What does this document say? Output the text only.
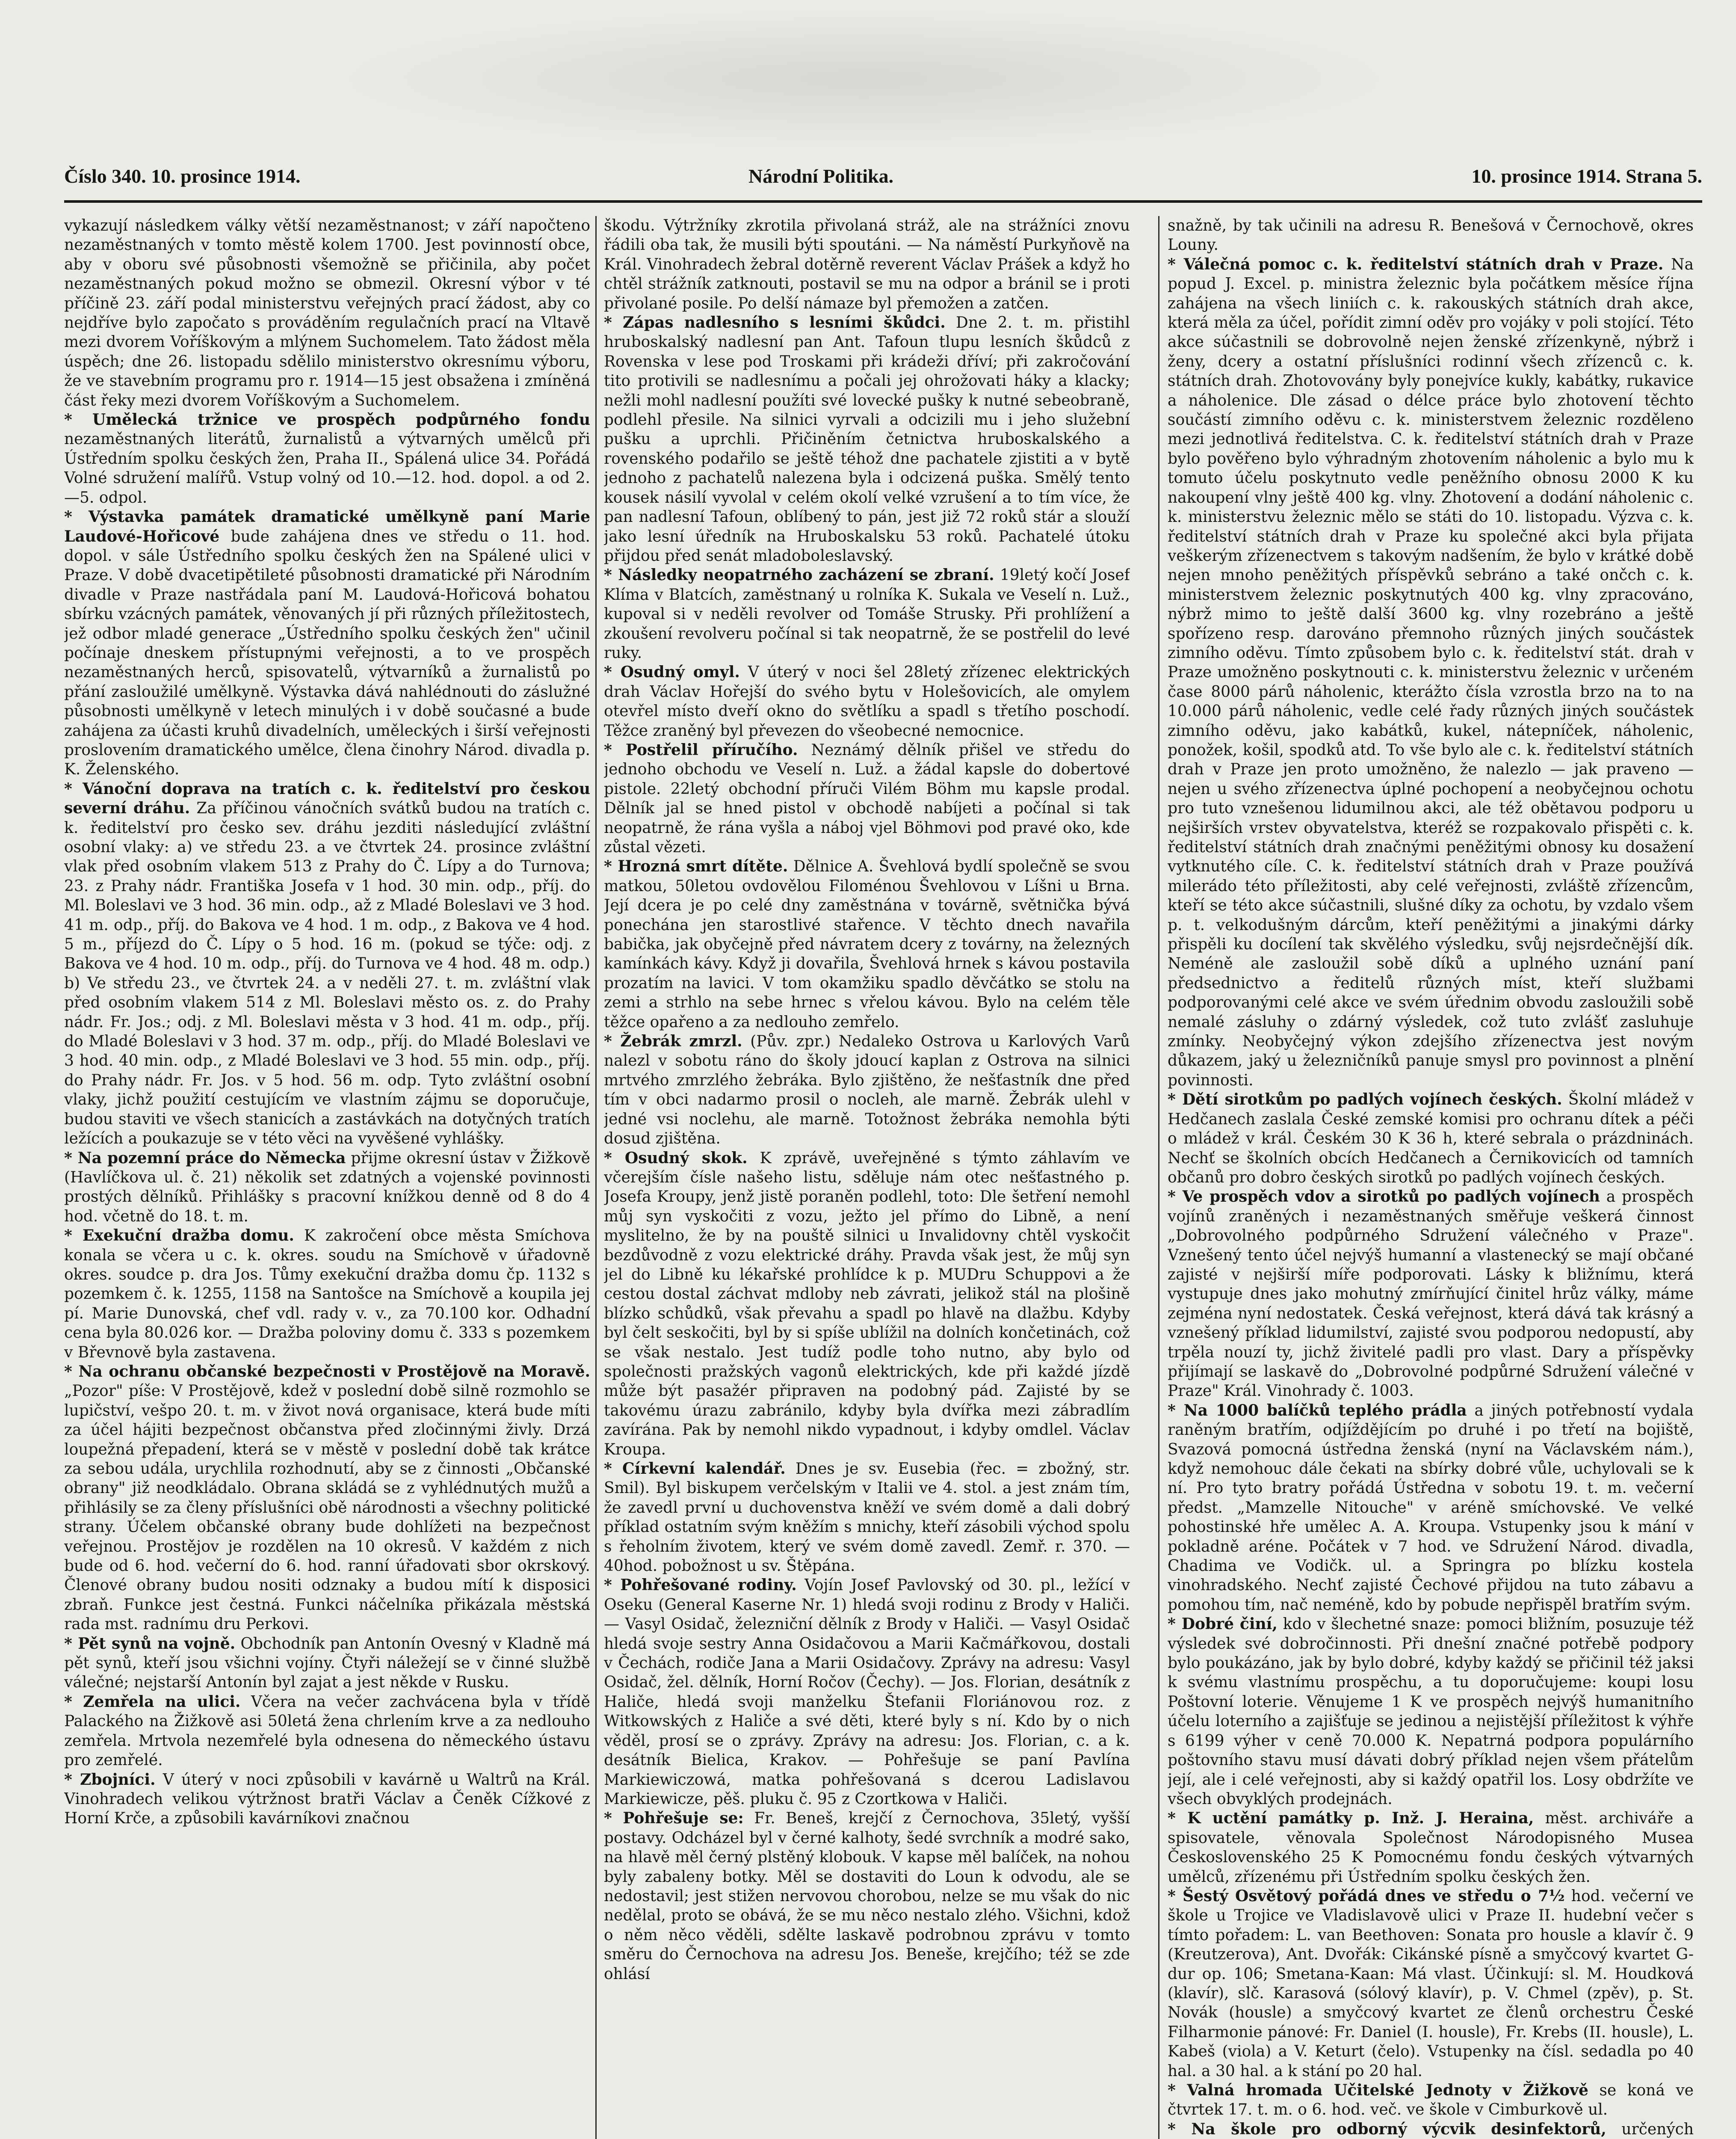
Číslo 340. 10. prosince 1914.	Národní Politika.	10. prosince 1914. Strana 5.

vykazují následkem války větší nezaměstnanost; v září napočteno nezaměstnaných v tomto městě kolem 1700. Jest povinností obce, aby v oboru své působnosti všemožně se přičinila, aby počet nezaměstnaných pokud možno se obmezil. Okresní výbor v té příčině 23. září podal ministerstvu veřejných prací žádost, aby co nejdříve bylo započato s prováděním regulačních prací na Vltavě mezi dvorem Voříškovým a mlýnem Suchomelem. Tato žádost měla úspěch; dne 26. listopadu sdělilo ministerstvo okresnímu výboru, že ve stavebním programu pro r. 1914—15 jest obsažena i zmíněná část řeky mezi dvorem Voříškovým a Suchomelem.

* Umělecká tržnice ve prospěch podpůrného fondu nezaměstnaných literátů, žurnalistů a výtvarných umělců při Ústředním spolku českých žen, Praha II., Spálená ulice 34. Pořádá Volné sdružení malířů. Vstup volný od 10.—12. hod. dopol. a od 2.—5. odpol.

* Výstavka památek dramatické umělkyně paní Marie Laudové-Hořicové bude zahájena dnes ve středu o 11. hod. dopol. v sále Ústředního spolku českých žen na Spálené ulici v Praze. V době dvacetipětileté působnosti dramatické při Národním divadle v Praze nastřádala paní M. Laudová-Hořicová bohatou sbírku vzácných památek, věnovaných jí při různých příležitostech, jež odbor mladé generace „Ústředního spolku českých žen" učinil počínaje dneskem přístupnými veřejnosti, a to ve prospěch nezaměstnaných herců, spisovatelů, výtvarníků a žurnalistů po přání zasloužilé umělkyně. Výstavka dává nahlédnouti do záslužné působnosti umělkyně v letech minulých i v době současné a bude zahájena za účasti kruhů divadelních, uměleckých i širší veřejnosti proslovením dramatického umělce, člena činohry Národ. divadla p. K. Želenského.

* Vánoční doprava na tratích c. k. ředitelství pro českou severní dráhu. Za příčinou vánočních svátků budou na tratích c. k. ředitelství pro česko sev. dráhu jezditi následující zvláštní osobní vlaky: a) ve středu 23. a ve čtvrtek 24. prosince zvláštní vlak před osobním vlakem 513 z Prahy do Č. Lípy a do Turnova; 23. z Prahy nádr. Františka Josefa v 1 hod. 30 min. odp., příj. do Ml. Boleslavi ve 3 hod. 36 min. odp., až z Mladé Boleslavi ve 3 hod. 41 m. odp., příj. do Bakova ve 4 hod. 1 m. odp., z Bakova ve 4 hod. 5 m., příjezd do Č. Lípy o 5 hod. 16 m. (pokud se týče: odj. z Bakova ve 4 hod. 10 m. odp., příj. do Turnova ve 4 hod. 48 m. odp.) b) Ve středu 23., ve čtvrtek 24. a v neděli 27. t. m. zvláštní vlak před osobním vlakem 514 z Ml. Boleslavi město os. z. do Prahy nádr. Fr. Jos.; odj. z Ml. Boleslavi města v 3 hod. 41 m. odp., příj. do Mladé Boleslavi v 3 hod. 37 m. odp., příj. do Mladé Boleslavi ve 3 hod. 40 min. odp., z Mladé Boleslavi ve 3 hod. 55 min. odp., příj. do Prahy nádr. Fr. Jos. v 5 hod. 56 m. odp. Tyto zvláštní osobní vlaky, jichž použití cestujícím ve vlastním zájmu se doporučuje, budou staviti ve všech stanicích a zastávkách na dotyčných tratích ležících a poukazuje se v této věci na vyvěšené vyhlášky.

* Na pozemní práce do Německa přijme okresní ústav v Žižkově (Havlíčkova ul. č. 21) několik set zdatných a vojenské povinnosti prostých dělníků. Přihlášky s pracovní knížkou denně od 8 do 4 hod. včetně do 18. t. m.

* Exekuční dražba domu. K zakročení obce města Smíchova konala se včera u c. k. okres. soudu na Smíchově v úřadovně okres. soudce p. dra Jos. Tůmy exekuční dražba domu čp. 1132 s pozemkem č. k. 1255, 1158 na Santošce na Smíchově a koupila jej pí. Marie Dunovská, chef vdl. rady v. v., za 70.100 kor. Odhadní cena byla 80.026 kor. — Dražba poloviny domu č. 333 s pozemkem v Břevnově byla zastavena.

* Na ochranu občanské bezpečnosti v Prostějově na Moravě. „Pozor" píše: V Prostějově, kdež v poslední době silně rozmohlo se lupičství, vešpo 20. t. m. v život nová organisace, která bude míti za účel hájiti bezpečnost občanstva před zločinnými živly. Drzá loupežná přepadení, která se v městě v poslední době tak krátce za sebou udála, urychlila rozhodnutí, aby se z činnosti „Občanské obrany" již neodkládalo. Obrana skládá se z vyhlédnutých mužů a přihlásily se za členy příslušníci obě národnosti a všechny politické strany. Účelem občanské obrany bude dohlížeti na bezpečnost veřejnou. Prostějov je rozdělen na 10 okresů. V každém z nich bude od 6. hod. večerní do 6. hod. ranní úřadovati sbor okrskový. Členové obrany budou nositi odznaky a budou mítí k disposici zbraň. Funkce jest čestná. Funkci náčelníka přikázala městská rada mst. radnímu dru Perkovi.

* Pět synů na vojně. Obchodník pan Antonín Ovesný v Kladně má pět synů, kteří jsou všichni vojíny. Čtyři náležejí se v činné službě válečné; nejstarší Antonín byl zajat a jest někde v Rusku.

* Zemřela na ulici. Včera na večer zachvácena byla v třídě Palackého na Žižkově asi 50letá žena chrlením krve a za nedlouho zemřela. Mrtvola nezemřelé byla odnesena do německého ústavu pro zemřelé.

* Zbojníci. V úterý v noci způsobili v kavárně u Waltrů na Král. Vinohradech velikou výtržnost bratři Václav a Čeněk Cížkové z Horní Krče, a způsobili kavárníkovi značnou

škodu. Výtržníky zkrotila přivolaná stráž, ale na strážníci znovu řádili oba tak, že musili býti spoutáni. — Na náměstí Purkyňově na Král. Vinohradech žebral dotěrně reverent Václav Prášek a když ho chtěl strážník zatknouti, postavil se mu na odpor a bránil se i proti přivolané posile. Po delší námaze byl přemožen a zatčen.

* Zápas nadlesního s lesními škůdci. Dne 2. t. m. přistihl hruboskalský nadlesní pan Ant. Tafoun tlupu lesních škůdců z Rovenska v lese pod Troskami při krádeži dříví; při zakročování tito protivili se nadlesnímu a počali jej ohrožovati háky a klacky; nežli mohl nadlesní použíti své lovecké pušky k nutné sebeobraně, podlehl přesile. Na silnici vyrvali a odcizili mu i jeho služební pušku a uprchli. Přičiněním četnictva hruboskalského a rovenského podařilo se ještě téhož dne pachatele zjistiti a v bytě jednoho z pachatelů nalezena byla i odcizená puška. Smělý tento kousek násilí vyvolal v celém okolí velké vzrušení a to tím více, že pan nadlesní Tafoun, oblíbený to pán, jest již 72 roků stár a slouží jako lesní úředník na Hruboskalsku 53 roků. Pachatelé útoku přijdou před senát mladoboleslavský.

* Následky neopatrného zacházení se zbraní. 19letý kočí Josef Klíma v Blatcích, zaměstnaný u rolníka K. Sukala ve Veselí n. Luž., kupoval si v neděli revolver od Tomáše Strusky. Při prohlížení a zkoušení revolveru počínal si tak neopatrně, že se postřelil do levé ruky.

* Osudný omyl. V úterý v noci šel 28letý zřízenec elektrických drah Václav Hořejší do svého bytu v Holešovicích, ale omylem otevřel místo dveří okno do světlíku a spadl s třetího poschodí. Těžce zraněný byl převezen do všeobecné nemocnice.

* Postřelil příručího. Neznámý dělník přišel ve středu do jednoho obchodu ve Veselí n. Luž. a žádal kapsle do dobertové pistole. 22letý obchodní příruči Vilém Böhm mu kapsle prodal. Dělník jal se hned pistol v obchodě nabíjeti a počínal si tak neopatrně, že rána vyšla a náboj vjel Böhmovi pod pravé oko, kde zůstal vězeti.

* Hrozná smrt dítěte. Dělnice A. Švehlová bydlí společně se svou matkou, 50letou ovdovělou Filoménou Švehlovou v Líšni u Brna. Její dcera je po celé dny zaměstnána v továrně, světnička bývá ponechána jen starostlivé stařence. V těchto dnech navařila babička, jak obyčejně před návratem dcery z továrny, na železných kamínkách kávy. Když ji dovařila, Švehlová hrnek s kávou postavila prozatím na lavici. V tom okamžiku spadlo děvčátko se stolu na zemi a strhlo na sebe hrnec s vřelou kávou. Bylo na celém těle těžce opařeno a za nedlouho zemřelo.

* Žebrák zmrzl. (Pův. zpr.) Nedaleko Ostrova u Karlových Varů nalezl v sobotu ráno do školy jdoucí kaplan z Ostrova na silnici mrtvého zmrzlého žebráka. Bylo zjištěno, že nešťastník dne před tím v obci nadarmo prosil o nocleh, ale marně. Žebrák ulehl v jedné vsi noclehu, ale marně. Totožnost žebráka nemohla býti dosud zjištěna.

* Osudný skok. K zprávě, uveřejněné s týmto záhlavím ve včerejším čísle našeho listu, sděluje nám otec nešťastného p. Josefa Kroupy, jenž jistě poraněn podlehl, toto: Dle šetření nemohl můj syn vyskočiti z vozu, ježto jel přímo do Libně, a není myslitelno, že by na pouště silnici u Invalidovny chtěl vyskočit bezdůvodně z vozu elektrické dráhy. Pravda však jest, že můj syn jel do Libně ku lékařské prohlídce k p. MUDru Schuppovi a že cestou dostal záchvat mdloby neb závrati, jelikož stál na plošině blízko schůdků, však převahu a spadl po hlavě na dlažbu. Kdyby byl čelt seskočiti, byl by si spíše ublížil na dolních končetinách, což se však nestalo. Jest tudíž podle toho nutno, aby bylo od společnosti pražských vagonů elektrických, kde při každé jízdě může být pasažér připraven na podobný pád. Zajisté by se takovému úrazu zabránilo, kdyby byla dvířka mezi zábradlím zavírána. Pak by nemohl nikdo vypadnout, i kdyby omdlel. Václav Kroupa.

* Církevní kalendář. Dnes je sv. Eusebia (řec. = zbožný, str. Smil). Byl biskupem verčelským v Italii ve 4. stol. a jest znám tím, že zavedl první u duchovenstva kněží ve svém domě a dali dobrý příklad ostatním svým kněžím s mnichy, kteří zásobili východ spolu s řeholním životem, který ve svém domě zavedl. Zemř. r. 370. — 40hod. pobožnost u sv. Štěpána.

* Pohřešované rodiny. Vojín Josef Pavlovský od 30. pl., ležící v Oseku (General Kaserne Nr. 1) hledá svoji rodinu z Brody v Haliči. — Vasyl Osidač, železniční dělník z Brody v Haliči. — Vasyl Osidač hledá svoje sestry Anna Osidačovou a Marii Kačmářkovou, dostali v Čechách, rodiče Jana a Marii Osidačovy. Zprávy na adresu: Vasyl Osidač, žel. dělník, Horní Ročov (Čechy). — Jos. Florian, desátník z Haliče, hledá svoji manželku Štefanii Floriánovou roz. z Witkowských z Haliče a své děti, které byly s ní. Kdo by o nich věděl, prosí se o zprávy. Zprávy na adresu: Jos. Florian, c. a k. desátník Bielica, Krakov. — Pohřešuje se paní Pavlína Markiewiczowá, matka pohřešovaná s dcerou Ladislavou Markiewicze, pěš. pluku č. 95 z Czortkowa v Haliči.

* Pohřešuje se: Fr. Beneš, krejčí z Černochova, 35letý, vyšší postavy. Odcházel byl v černé kalhoty, šedé svrchník a modré sako, na hlavě měl černý plstěný klobouk. V kapse měl balíček, na nohou byly zabaleny botky. Měl se dostaviti do Loun k odvodu, ale se nedostavil; jest stižen nervovou chorobou, nelze se mu však do nic nedělal, proto se obává, že se mu něco nestalo zlého. Všichni, kdož o něm něco věděli, sdělte laskavě podrobnou zprávu v tomto směru do Černochova na adresu Jos. Beneše, krejčího; též se zde ohlásí

snažně, by tak učinili na adresu R. Benešová v Černochově, okres Louny.

* Válečná pomoc c. k. ředitelství státních drah v Praze. Na popud J. Excel. p. ministra železnic byla počátkem měsíce října zahájena na všech liniích c. k. rakouských státních drah akce, která měla za účel, pořídit zimní oděv pro vojáky v poli stojící. Této akce súčastnili se dobrovolně nejen ženské zřízenkyně, nýbrž i ženy, dcery a ostatní příslušníci rodinní všech zřízenců c. k. státních drah. Zhotovovány byly ponejvíce kukly, kabátky, rukavice a náholenice. Dle zásad o délce práce bylo zhotovení těchto součástí zimního oděvu c. k. ministerstvem železnic rozděleno mezi jednotlivá ředitelstva. C. k. ředitelství státních drah v Praze bylo pověřeno bylo výhradným zhotovením náholenic a bylo mu k tomuto účelu poskytnuto vedle peněžního obnosu 2000 K ku nakoupení vlny ještě 400 kg. vlny. Zhotovení a dodání náholenic c. k. ministerstvu železnic mělo se státi do 10. listopadu. Výzva c. k. ředitelství státních drah v Praze ku společné akci byla přijata veškerým zřízenectvem s takovým nadšením, že bylo v krátké době nejen mnoho peněžitých příspěvků sebráno a také ončch c. k. ministerstvem železnic poskytnutých 400 kg. vlny zpracováno, nýbrž mimo to ještě další 3600 kg. vlny rozebráno a ještě spořízeno resp. darováno přemnoho různých jiných součástek zimního oděvu. Tímto způsobem bylo c. k. ředitelství stát. drah v Praze umožněno poskytnouti c. k. ministerstvu železnic v určeném čase 8000 párů náholenic, kterážto čísla vzrostla brzo na to na 10.000 párů náholenic, vedle celé řady různých jiných součástek zimního oděvu, jako kabátků, kukel, nátepníček, náholenic, ponožek, košil, spodků atd. To vše bylo ale c. k. ředitelství státních drah v Praze jen proto umožněno, že nalezlo — jak praveno — nejen u svého zřízenectva úplné pochopení a neobyčejnou ochotu pro tuto vznešenou lidumilnou akci, ale též obětavou podporu u nejširších vrstev obyvatelstva, kteréž se rozpakovalo přispěti c. k. ředitelství státních drah značnými peněžitými obnosy ku dosažení vytknutého cíle. C. k. ředitelství státních drah v Praze používá milerádo této příležitosti, aby celé veřejnosti, zvláště zřízencům, kteří se této akce súčastnili, slušné díky za ochotu, by vzdalo všem p. t. velkodušným dárcům, kteří peněžitými a jinakými dárky přispěli ku docílení tak skvělého výsledku, svůj nejsrdečnější dík. Neméně ale zasloužil sobě díků a uplného uznání paní předsednictvo a ředitelů různých míst, kteří službami podporovanými celé akce ve svém úřednim obvodu zasloužili sobě nemalé zásluhy o zdárný výsledek, což tuto zvlášť zasluhuje zmínky. Neobyčejný výkon zdejšího zřízenectva jest novým důkazem, jaký u železničníků panuje smysl pro povinnost a plnění povinnosti.

* Dětí sirotkům po padlých vojínech českých. Školní mládež v Hedčanech zaslala České zemské komisi pro ochranu dítek a péči o mládež v král. Českém 30 K 36 h, které sebrala o prázdninách. Nechť se školních obcích Hedčanech a Černikovicích od tamních občanů pro dobro českých sirotků po padlých vojínech českých.

* Ve prospěch vdov a sirotků po padlých vojínech a prospěch vojínů zraněných i nezaměstnaných směřuje veškerá činnost „Dobrovolného podpůrného Sdružení válečného v Praze". Vznešený tento účel nejvýš humanní a vlastenecký se mají občané zajisté v nejširší míře podporovati. Lásky k bližnímu, která vystupuje dnes jako mohutný zmírňující činitel hrůz války, máme zejména nyní nedostatek. Česká veřejnost, která dává tak krásný a vznešený příklad lidumilství, zajisté svou podporou nedopustí, aby trpěla nouzí ty, jichž živitelé padli pro vlast. Dary a příspěvky přijímají se laskavě do „Dobrovolné podpůrné Sdružení válečné v Praze" Král. Vinohrady č. 1003.

* Na 1000 balíčků teplého prádla a jiných potřebností vydala raněným bratřím, odjíždějícím po druhé i po třetí na bojiště, Svazová pomocná ústředna ženská (nyní na Václavském nám.), když nemohouc dále čekati na sbírky dobré vůle, uchylovali se k ní. Pro tyto bratry pořádá Ústředna v sobotu 19. t. m. večerní předst. „Mamzelle Nitouche" v aréně smíchovské. Ve velké pohostinské hře umělec A. A. Kroupa. Vstupenky jsou k mání v pokladně aréne. Počátek v 7 hod. ve Sdružení Národ. divadla, Chadima ve Vodičk. ul. a Springra po blízku kostela vinohradského. Nechť zajisté Čechové přijdou na tuto zábavu a pomohou tím, nač neméně, kdo by pobude nepřispěl bratřím svým.

* Dobré činí, kdo v šlechetné snaze: pomoci bližním, posuzuje též výsledek své dobročinnosti. Při dnešní značné potřebě podpory bylo poukázáno, jak by bylo dobré, kdyby každý se přičinil též jaksi k svému vlastnímu prospěchu, a tu doporučujeme: koupi losu Poštovní loterie. Věnujeme 1 K ve prospěch nejvýš humanitního účelu loterního a zajišťuje se jedinou a nejistější příležitost k výhře s 6199 výher v ceně 70.000 K. Nepatrná podpora populárního poštovního stavu musí dávati dobrý příklad nejen všem přátelům její, ale i celé veřejnosti, aby si každý opatřil los. Losy obdržíte ve všech obvyklých prodejnách.

* K uctění památky p. Inž. J. Heraina, měst. archiváře a spisovatele, věnovala Společnost Národopisného Musea Československého 25 K Pomocnému fondu českých výtvarných umělců, zřízenému při Ústředním spolku českých žen.

* Šestý Osvětový pořádá dnes ve středu o 7½ hod. večerní ve škole u Trojice ve Vladislavově ulici v Praze II. hudební večer s tímto pořadem: L. van Beethoven: Sonata pro housle a klavír č. 9 (Kreutzerova), Ant. Dvořák: Cikánské písně a smyčcový kvartet G-dur op. 106; Smetana-Kaan: Má vlast. Účinkují: sl. M. Houdková (klavír), slč. Karasová (sólový klavír), p. V. Chmel (zpěv), p. St. Novák (housle) a smyčcový kvartet ze členů orchestru České Filharmonie pánové: Fr. Daniel (I. housle), Fr. Krebs (II. housle), L. Kabeš (viola) a V. Keturt (čelo). Vstupenky na čísl. sedadla po 40 hal. a 30 hal. a k stání po 20 hal.

* Valná hromada Učitelské Jednoty v Žižkově se koná ve čtvrtek 17. t. m. o 6. hod. več. ve škole v Cimburkově ul.

* Na škole pro odborný výcvik desinfektorů, určených
